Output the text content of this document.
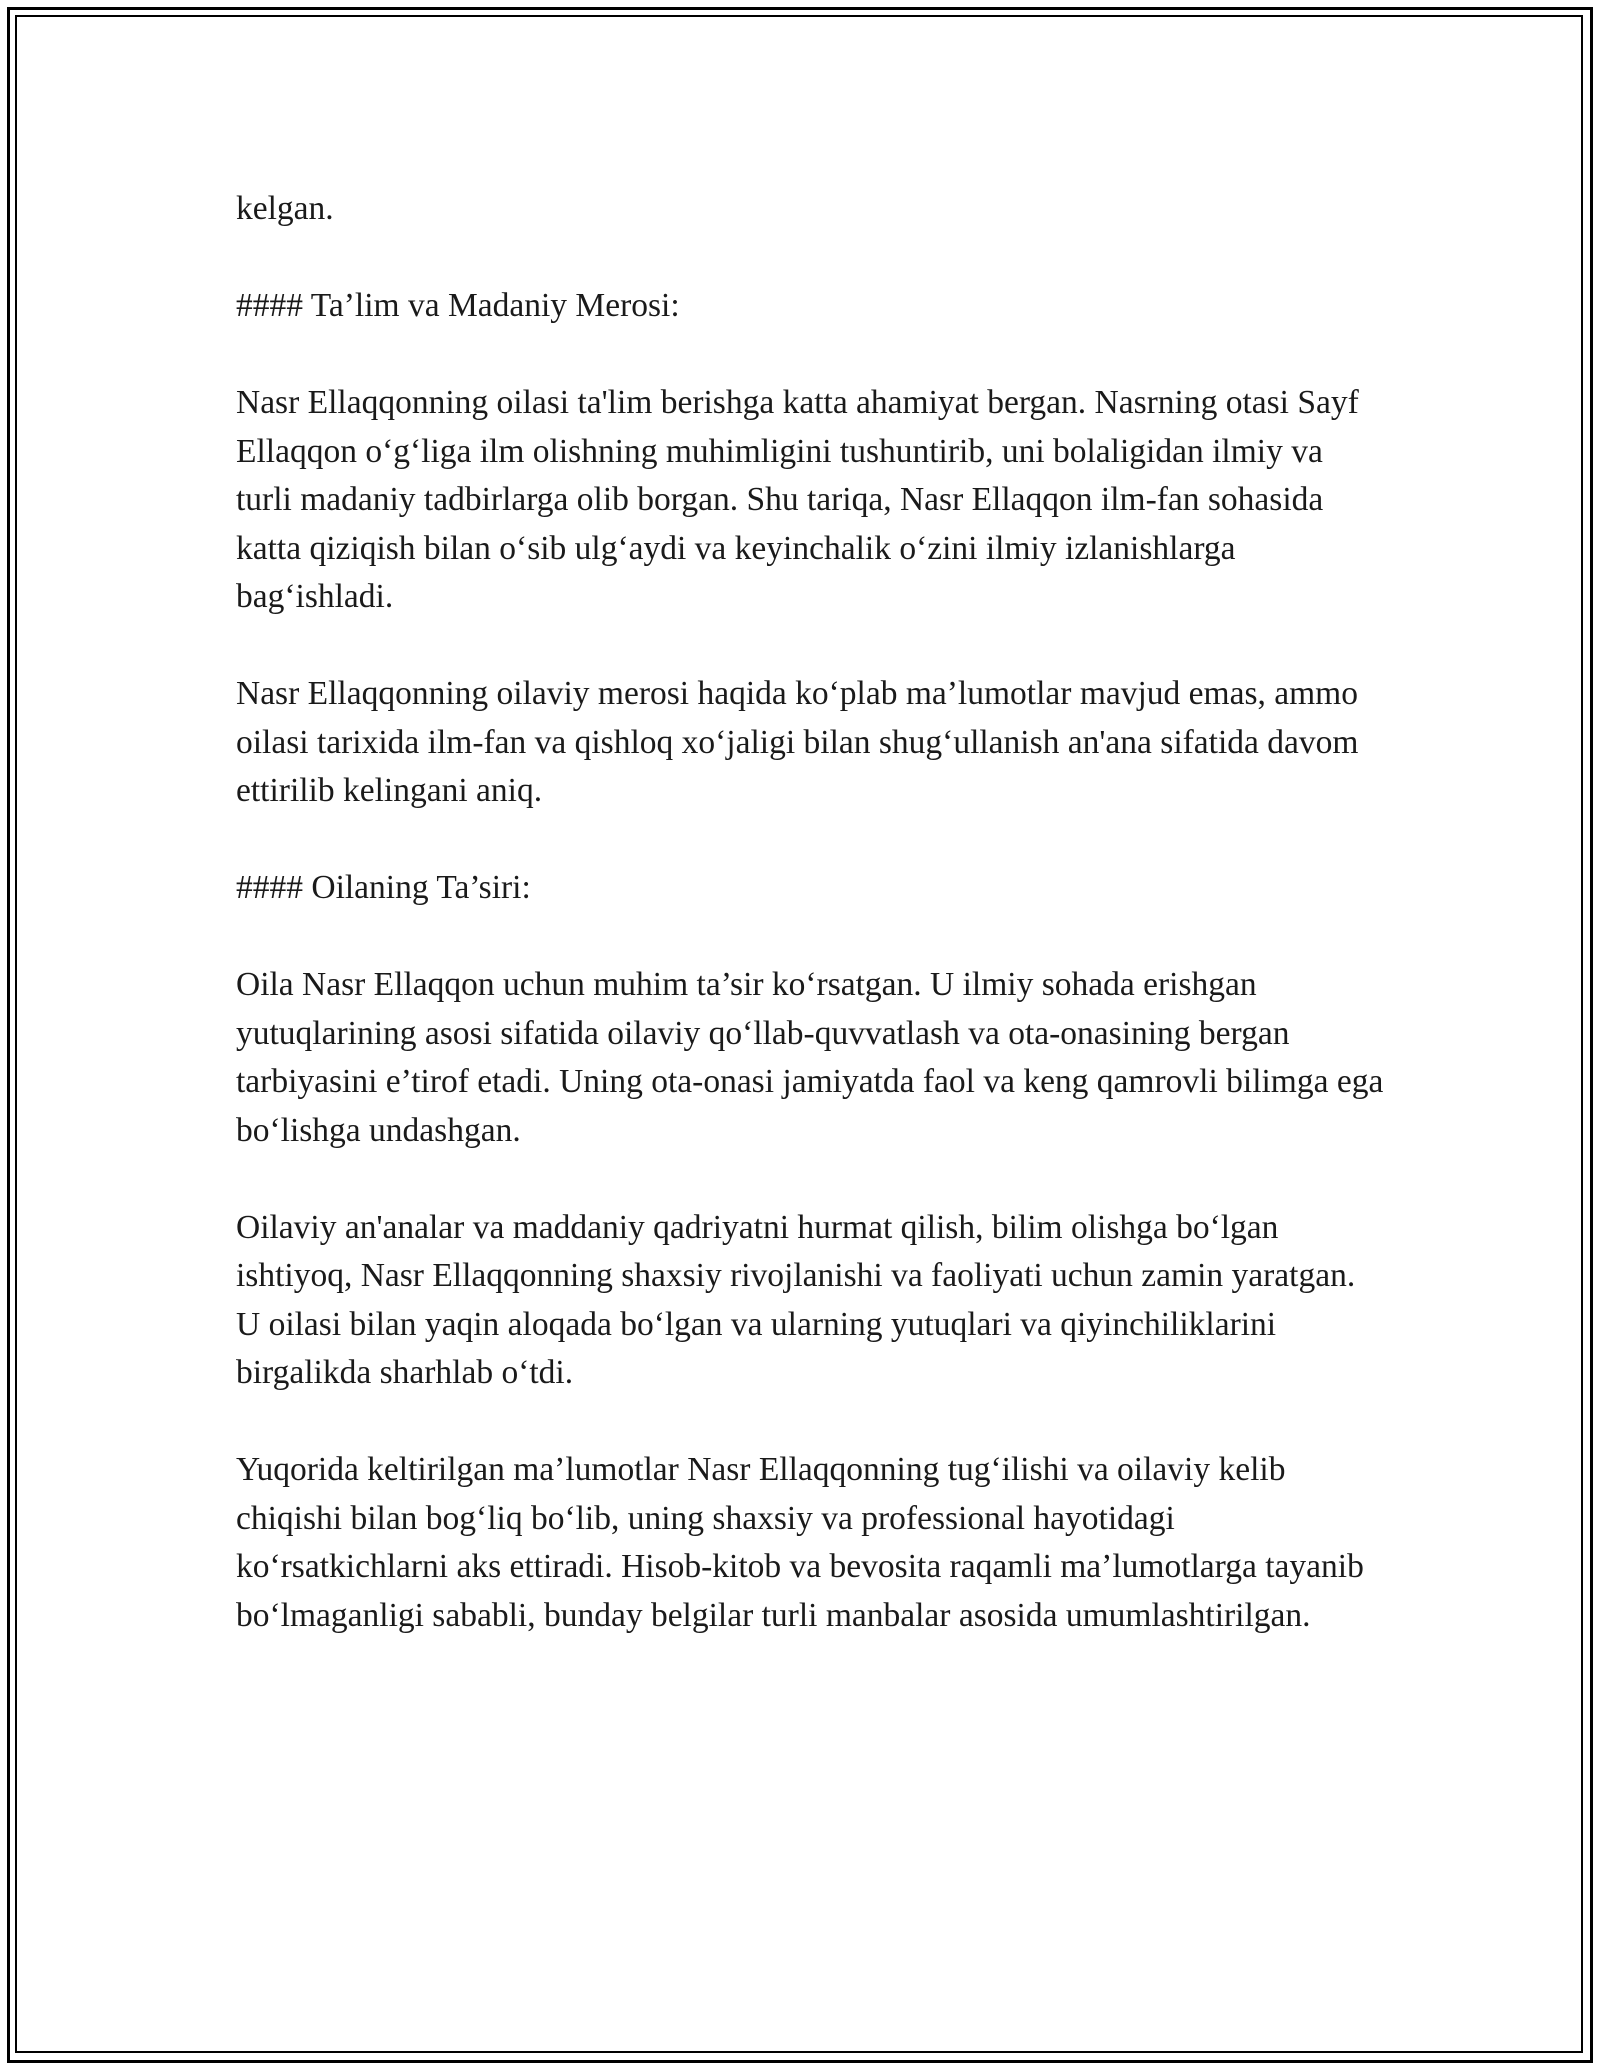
kelgan.

#### Ta’lim va Madaniy Merosi:

Nasr Ellaqqonning oilasi ta'lim berishga katta ahamiyat bergan. Nasrning otasi Sayf Ellaqqon o‘g‘liga ilm olishning muhimligini tushuntirib, uni bolaligidan ilmiy va turli madaniy tadbirlarga olib borgan. Shu tariqa, Nasr Ellaqqon ilm-fan sohasida katta qiziqish bilan o‘sib ulg‘aydi va keyinchalik o‘zini ilmiy izlanishlarga bag‘ishladi.

Nasr Ellaqqonning oilaviy merosi haqida ko‘plab ma’lumotlar mavjud emas, ammo oilasi tarixida ilm-fan va qishloq xo‘jaligi bilan shug‘ullanish an'ana sifatida davom ettirilib kelingani aniq.

#### Oilaning Ta’siri:

Oila Nasr Ellaqqon uchun muhim ta’sir ko‘rsatgan. U ilmiy sohada erishgan yutuqlarining asosi sifatida oilaviy qo‘llab-quvvatlash va ota-onasining bergan tarbiyasini e’tirof etadi. Uning ota-onasi jamiyatda faol va keng qamrovli bilimga ega bo‘lishga undashgan.

Oilaviy an'analar va maddaniy qadriyatni hurmat qilish, bilim olishga bo‘lgan ishtiyoq, Nasr Ellaqqonning shaxsiy rivojlanishi va faoliyati uchun zamin yaratgan. U oilasi bilan yaqin aloqada bo‘lgan va ularning yutuqlari va qiyinchiliklarini birgalikda sharhlab o‘tdi.

Yuqorida keltirilgan ma’lumotlar Nasr Ellaqqonning tug‘ilishi va oilaviy kelib chiqishi bilan bog‘liq bo‘lib, uning shaxsiy va professional hayotidagi ko‘rsatkichlarni aks ettiradi. Hisob-kitob va bevosita raqamli ma’lumotlarga tayanib bo‘lmaganligi sababli, bunday belgilar turli manbalar asosida umumlashtirilgan.
